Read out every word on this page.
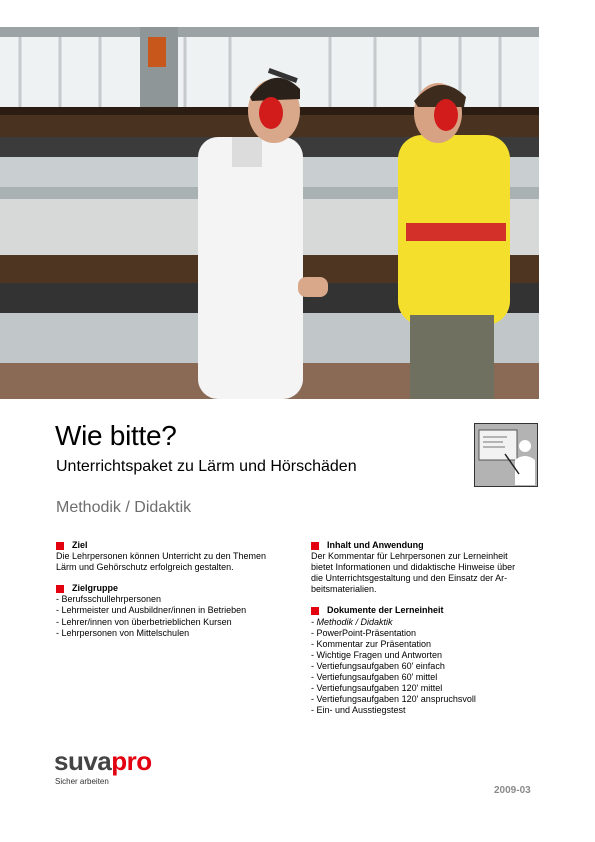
Wie bitte?

Unterrichtspaket zu Lärm und Hörschäden

Methodik / Didaktik

Ziel
Die Lehrpersonen können Unterricht zu den Themen
Lärm und Gehörschutz erfolgreich gestalten.
Zielgruppe
- Berufsschullehrpersonen
- Lehrmeister und Ausbildner/innen in Betrieben
- Lehrer/innen von überbetrieblichen Kursen
- Lehrpersonen von Mittelschulen
Inhalt und Anwendung
Der Kommentar für Lehrpersonen zur Lerneinheit
bietet Informationen und didaktische Hinweise über
die Unterrichtsgestaltung und den Einsatz der Ar-
beitsmaterialien.
Dokumente der Lerneinheit
- Methodik / Didaktik
- PowerPoint-Präsentation
- Kommentar zur Präsentation
- Wichtige Fragen und Antworten
- Vertiefungsaufgaben 60' einfach
- Vertiefungsaufgaben 60' mittel
- Vertiefungsaufgaben 120' mittel
- Vertiefungsaufgaben 120' anspruchsvoll
- Ein- und Ausstiegstest
suvapro
Sicher arbeiten
2009-03
